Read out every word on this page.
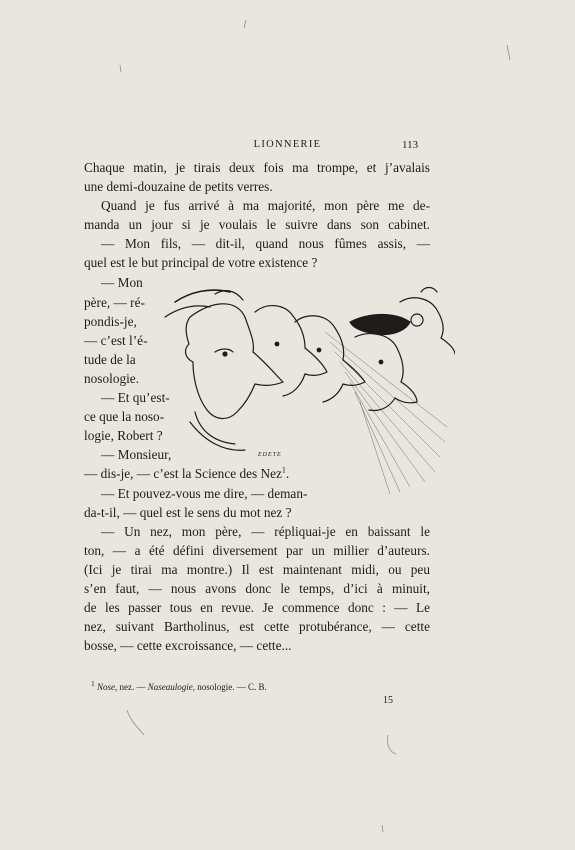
LIONNERIE	113
Chaque matin, je tirais deux fois ma trompe, et j’avalais
une demi-douzaine de petits verres.
Quand je fus arrivé à ma majorité, mon père me de-
manda un jour si je voulais le suivre dans son cabinet.
— Mon fils, — dit-il, quand nous fûmes assis, —
quel est le but principal de votre existence ?
— Mon
père, — ré-
pondis-je,
— c’est l’é-
tude de la
nosologie.
— Et qu’est-
ce que la noso-
logie, Robert ?
— Monsieur,
— dis-je, — c’est la Science des Nez$^1$.
— Et pouvez-vous me dire, — deman-
da-t-il, — quel est le sens du mot nez ?
— Un nez, mon père, — répliquai-je en baissant le
ton, — a été défini diversement par un millier d’auteurs.
(Ici je tirai ma montre.) Il est maintenant midi, ou peu
s’en faut, — nous avons donc le temps, d’ici à minuit,
de les passer tous en revue. Je commence donc : — Le
nez, suivant Bartholinus, est cette protubérance, — cette
bosse, — cette excroissance, — cette...
EDETE
$^1$ Nose, nez. — Naseaulogie, nosologie. — C. B.
15
